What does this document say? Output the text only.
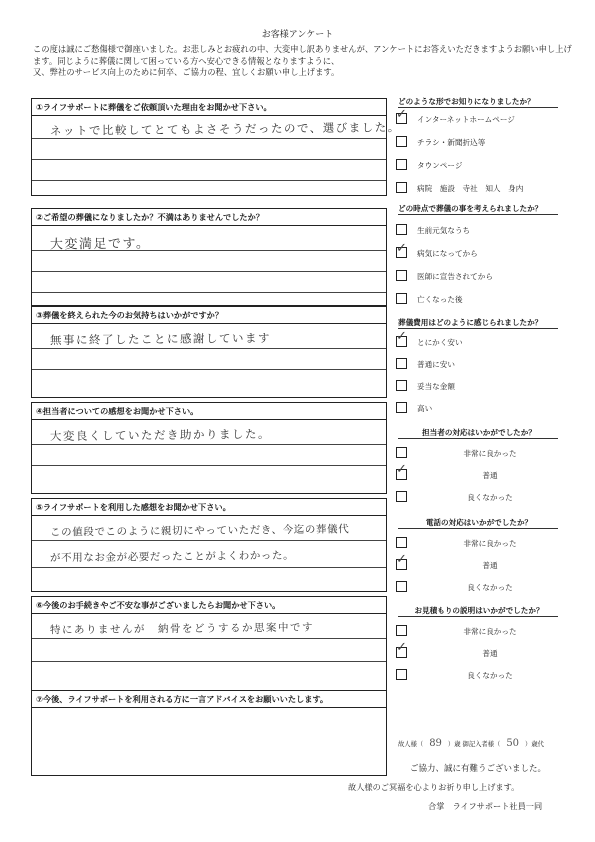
お客様アンケート
この度は誠にご愁傷様で御座いました。お悲しみとお疲れの中、大変申し訳ありませんが、アンケートにお答えいただきますようお願い申し上げます。同じように葬儀に関して困っている方へ安心できる情報となりますように、
又、弊社のサービス向上のために何卒、ご協力の程、宜しくお願い申し上げます。
①ライフサポートに葬儀をご依頼頂いた理由をお聞かせ下さい。
ネットで比較してとてもよさそうだったので、選びました。
②ご希望の葬儀になりましたか？不満はありませんでしたか？
大変満足です。
③葬儀を終えられた今のお気持ちはいかがですか？
無事に終了したことに感謝しています
④担当者についての感想をお聞かせ下さい。
大変良くしていただき助かりました。
⑤ライフサポートを利用した感想をお聞かせ下さい。
この値段でこのように親切にやっていただき、今迄の葬儀代
が不用なお金が必要だったことがよくわかった。
⑥今後のお手続きやご不安な事がございましたらお聞かせ下さい。
特にありませんが　納骨をどうするか思案中です
⑦今後、ライフサポートを利用される方に一言アドバイスをお願いいたします。
どのような形でお知りになりましたか？
インターネットホームページ
✓
チラシ・新聞折込等
タウンページ
病院　施設　寺社　知人　身内
どの時点で葬儀の事を考えられましたか？
生前元気なうち
病気になってから
✓
医師に宣告されてから
亡くなった後
葬儀費用はどのように感じられましたか？
とにかく安い
✓
普通に安い
妥当な金額
高い
担当者の対応はいかがでしたか？
非常に良かった
普通
✓
良くなかった
電話の対応はいかがでしたか？
非常に良かった
普通
✓
良くなかった
お見積もりの説明はいかがでしたか？
非常に良かった
普通
✓
良くなかった
故人様（ 89 ）歳 御記入者様（ 50 ）歳代
ご協力、誠に有難うございました。
故人様のご冥福を心よりお祈り申し上げます。
合掌　ライフサポート社員一同
